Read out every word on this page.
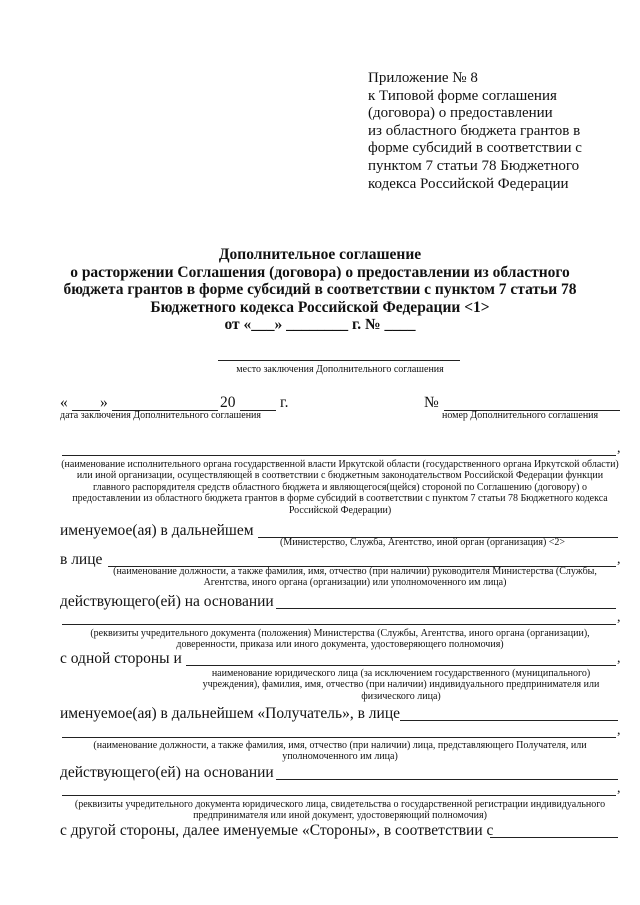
Приложение № 8
к Типовой форме соглашения
(договора) о предоставлении
из областного бюджета грантов в
форме субсидий в соответствии с
пунктом 7 статьи 78 Бюджетного
кодекса Российской Федерации
Дополнительное соглашение
о расторжении Соглашения (договора) о предоставлении из областного
бюджета грантов в форме субсидий в соответствии с пунктом 7 статьи 78
Бюджетного кодекса Российской Федерации <1>
от «___» ________ г. № ____
место заключения Дополнительного соглашения
« »	20	г.
дата заключения Дополнительного соглашения
№
номер Дополнительного соглашения
,
(наименование исполнительного органа государственной власти Иркутской области (государственного органа Иркутской области) или иной организации, осуществляющей в соответствии с бюджетным законодательством Российской Федерации функции главного распорядителя средств областного бюджета и являющегося(щейся) стороной по Соглашению (договору) о предоставлении из областного бюджета грантов в форме субсидий в соответствии с пунктом 7 статьи 78 Бюджетного кодекса Российской Федерации)
именуемое(ая) в дальнейшем
(Министерство, Служба, Агентство, иной орган (организация) <2>
в лице	,
(наименование должности, а также фамилия, имя, отчество (при наличии) руководителя Министерства (Службы, Агентства, иного органа (организации) или уполномоченного им лица)
действующего(ей) на основании
,
(реквизиты учредительного документа (положения) Министерства (Службы, Агентства, иного органа (организации), доверенности, приказа или иного документа, удостоверяющего полномочия)
с одной стороны и	,
наименование юридического лица (за исключением государственного (муниципального) учреждения), фамилия, имя, отчество (при наличии) индивидуального предпринимателя или физического лица)
именуемое(ая) в дальнейшем «Получатель», в лице
,
(наименование должности, а также фамилия, имя, отчество (при наличии) лица, представляющего Получателя, или уполномоченного им лица)
действующего(ей) на основании
,
(реквизиты учредительного документа юридического лица, свидетельства о государственной регистрации индивидуального предпринимателя или иной документ, удостоверяющий полномочия)
с другой стороны, далее именуемые «Стороны», в соответствии с
